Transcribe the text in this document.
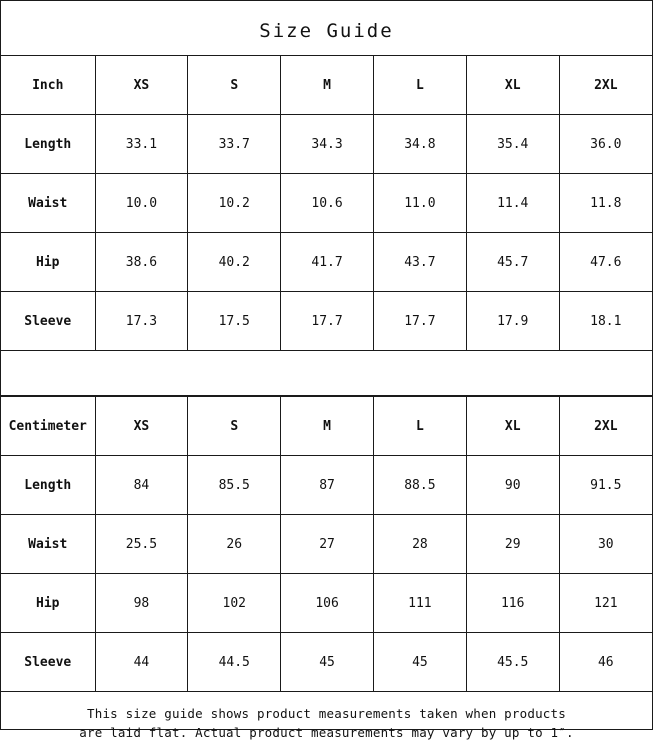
Size Guide
Inch	XS	S	M	L	XL	2XL
Length	33.1	33.7	34.3	34.8	35.4	36.0
Waist	10.0	10.2	10.6	11.0	11.4	11.8
Hip	38.6	40.2	41.7	43.7	45.7	47.6
Sleeve	17.3	17.5	17.7	17.7	17.9	18.1
Centimeter	XS	S	M	L	XL	2XL
Length	84	85.5	87	88.5	90	91.5
Waist	25.5	26	27	28	29	30
Hip	98	102	106	111	116	121
Sleeve	44	44.5	45	45	45.5	46
This size guide shows product measurements taken when products
are laid flat. Actual product measurements may vary by up to 1″.
